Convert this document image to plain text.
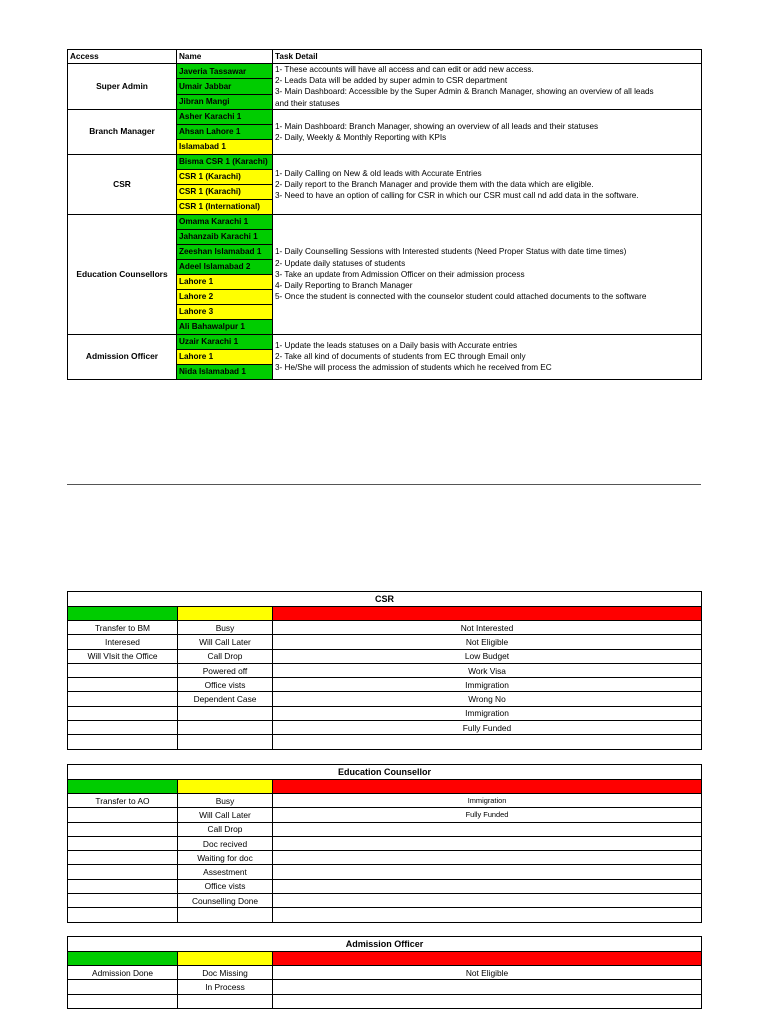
Access	Name	Task Detail
Super Admin	Javeria Tassawar	1- These accounts will have all access and can edit or add new access.
2- Leads Data will be added by super admin to CSR department
3- Main Dashboard: Accessible by the Super Admin & Branch Manager, showing an overview of all leads
and their statuses

	Umair Jabbar	
	Jibran Mangi	
Branch Manager	Asher Karachi 1	1- Main Dashboard: Branch Manager, showing an overview of all leads and their statuses
2- Daily, Weekly & Monthly Reporting with KPIs

	Ahsan Lahore 1	
	Islamabad 1	
CSR	Bisma CSR 1 (Karachi)	1- Daily Calling on New & old leads with Accurate Entries
2- Daily report to the Branch Manager and provide them with the data which are eligible.
3- Need to have an option of calling for CSR in which our CSR must call nd add data in the software.

	CSR 1 (Karachi)	
	CSR 1 (Karachi)	
	CSR 1 (International)	
Education Counsellors	Omama Karachi 1	1- Daily Counselling Sessions with Interested students (Need Proper Status with date time times)
2- Update daily statuses of students
3- Take an update from Admission Officer on their admission process
4- Daily Reporting to Branch Manager
5- Once the student is connected with the counselor student could attached documents to the software

	Jahanzaib Karachi 1	
	Zeeshan Islamabad 1	
	Adeel Islamabad 2	
	Lahore 1	
	Lahore 2	
	Lahore 3	
	Ali Bahawalpur 1	
Admission Officer	Uzair Karachi 1	1- Update the leads statuses on a Daily basis with Accurate entries
2- Take all kind of documents of students from EC through Email only
3- He/She will process the admission of students which he received from EC

	Lahore 1	
	Nida Islamabad 1	
CSR		

Transfer to BM	Busy	Not Interested
Interesed	Will Call Later	Not Eligible
Will VIsit the Office	Call Drop	Low Budget
	Powered off	Work Visa
	Office vists	Immigration
	Dependent Case	Wrong No
		Immigration
		Fully Funded

Education Counsellor		

Transfer to AO	Busy	Immigration
	Will Call Later	Fully Funded
	Call Drop	
	Doc recived	
	Waiting for doc	
	Assestment	
	Office vists	
	Counselling Done	

Admission Officer		

Admission Done	Doc Missing	Not Eligible
	In Process	
